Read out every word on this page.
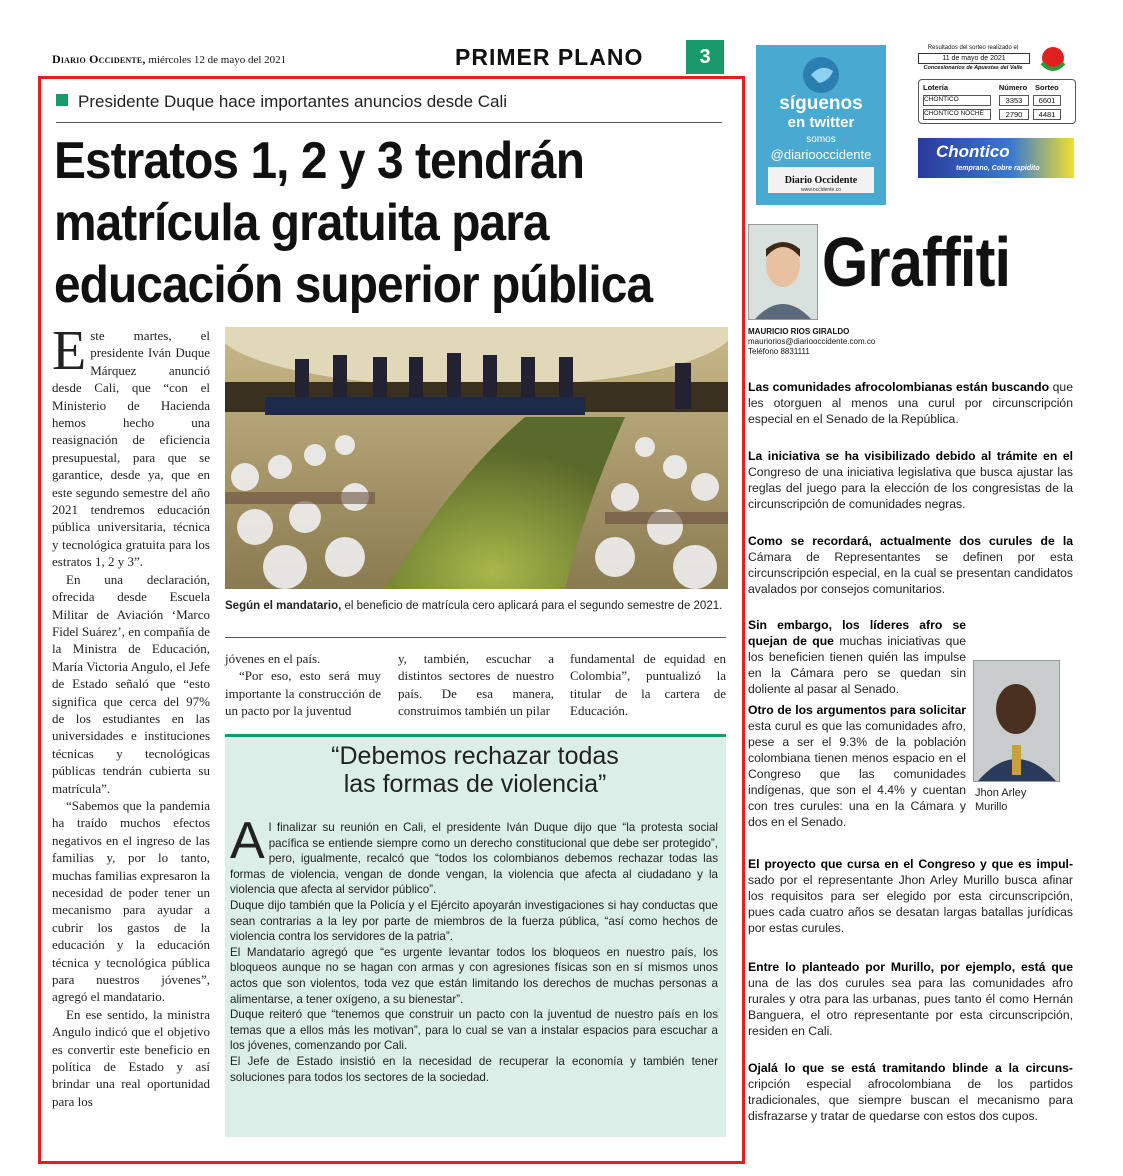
Diario Occidente, miércoles 12 de mayo del 2021	PRIMER PLANO	3
Presidente Duque hace importantes anuncios desde Cali
Estratos 1, 2 y 3 tendrán
matrícula gratuita para
educación superior pública

Este martes, el presidente Iván Duque Márquez anunció desde Cali, que “con el Ministerio de Hacienda hemos hecho una reasignación de eficiencia presupuestal, para que se garantice, desde ya, que en este segundo semestre del año 2021 tendremos educación pública universitaria, técnica y tecnológica gratuita para los estratos 1, 2 y 3”.

En una declaración, ofrecida desde Escuela Militar de Aviación ‘Marco Fidel Suárez’, en compañía de la Ministra de Educación, María Victoria Angulo, el Jefe de Estado señaló que “esto significa que cerca del 97% de los estudiantes en las universidades e instituciones técnicas y tecnológicas públicas tendrán cubierta su matrícula”.

“Sabemos que la pandemia ha traído muchos efectos negativos en el ingreso de las familias y, por lo tanto, muchas familias expresaron la necesidad de poder tener un mecanismo para ayudar a cubrir los gastos de la educación y la educación técnica y tecnológica pública para nuestros jóvenes”, agregó el mandatario.

En ese sentido, la ministra Angulo indicó que el objetivo es convertir este beneficio en política de Estado y así brindar una real oportunidad para los

Según el mandatario, el beneficio de matrícula cero aplicará para el segundo semestre de 2021.

jóvenes en el país.

“Por eso, esto será muy importante la construcción de un pacto por la juventud

y, también, escuchar a distintos sectores de nuestro país. De esa manera, construimos también un pilar

fundamental de equidad en Colombia”, puntualizó la titular de la cartera de Educación.

“Debemos rechazar todas
las formas de violencia”

Al finalizar su reunión en Cali, el presidente Iván Duque dijo que “la protesta social pacífica se entiende siempre como un derecho constitucional que debe ser protegido”, pero, igualmente, recalcó que “todos los colombianos debemos rechazar todas las formas de violencia, vengan de donde vengan, la violencia que afecta al ciudadano y la violencia que afecta al servidor público”.

Duque dijo también que la Policía y el Ejército apoyarán investigaciones si hay conductas que sean contrarias a la ley por parte de miembros de la fuerza pública, “así como hechos de violencia contra los servidores de la patria”.

El Mandatario agregó que “es urgente levantar todos los bloqueos en nuestro país, los bloqueos aunque no se hagan con armas y con agresiones físicas son en sí mismos unos actos que son violentos, toda vez que están limitando los derechos de muchas personas a alimentarse, a tener oxígeno, a su bienestar”.

Duque reiteró que “tenemos que construir un pacto con la juventud de nuestro país en los temas que a ellos más les motivan”, para lo cual se van a instalar espacios para escuchar a los jóvenes, comenzando por Cali.

El Jefe de Estado insistió en la necesidad de recuperar la economía y también tener soluciones para todos los sectores de la sociedad.

síguenos
en twitter
somos
@diariooccidente
Diario Occidente
www.occidente.co
Resultados del sorteo realizado el
11 de mayo de 2021
Concesionarios de Apuestas del Valle
Lotería	Número	Sorteo
CHONTICO	3353	6601
CHONTICO NOCHE	2790	4481
Chontico
temprano, Cobre rapidito
Graffiti
MAURICIO RIOS GIRALDO
mauriorios@diariooccidente.com.co
Teléfono 8831111
Las comunidades afrocolombianas están buscando que les otorguen al menos una curul por circunscripción especial en el Senado de la República.
La iniciativa se ha visibilizado debido al trámite en el Congreso de una iniciativa legislativa que busca ajustar las reglas del juego para la elección de los congresistas de la circunscripción de comunidades negras.
Como se recordará, actualmente dos curules de la Cámara de Representantes se definen por esta circunscripción especial, en la cual se presentan candidatos avalados por consejos comunitarios.
Sin embargo, los líderes afro se quejan de que muchas iniciativas que los beneficien tienen quién las impulse en la Cámara pero se quedan sin doliente al pasar al Senado.
Otro de los argumentos para solicitar esta curul es que las comunidades afro, pese a ser el 9.3% de la población colombiana tienen menos espacio en el Congreso que las comunidades indígenas, que son el 4.4% y cuentan con tres curules: una en la Cámara y dos en el Senado.
Jhon Arley Murillo
El proyecto que cursa en el Congreso y que es impul-sado por el representante Jhon Arley Murillo busca afinar los requisitos para ser elegido por esta circunscripción, pues cada cuatro años se desatan largas batallas jurídicas por estas curules.
Entre lo planteado por Murillo, por ejemplo, está que una de las dos curules sea para las comunidades afro rurales y otra para las urbanas, pues tanto él como Hernán Banguera, el otro representante por esta circunscripción, residen en Cali.
Ojalá lo que se está tramitando blinde a la circuns-cripción especial afrocolombiana de los partidos tradicionales, que siempre buscan el mecanismo para disfrazarse y tratar de quedarse con estos dos cupos.
